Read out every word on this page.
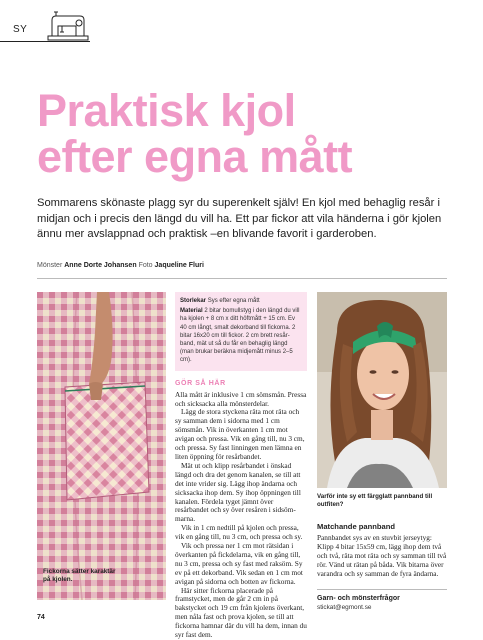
SY
Praktisk kjol
efter egna mått

Sommarens skönaste plagg syr du superenkelt själv! En kjol med behaglig resår i midjan och i precis den längd du vill ha. Ett par fickor att vila händerna i gör kjolen ännu mer avslappnad och praktisk –en blivande favorit i garderoben.

Mönster Anne Dorte Johansen Foto Jaqueline Fluri
Fickorna sätter karaktär på kjolen.
Storlekar Sys efter egna mått
Material 2 bitar bomullstyg i den längd du vill ha kjolen + 8 cm x ditt höftmått + 15 cm. Ev 40 cm långt, smalt dekorband till fickorna. 2 bitar 16x20 cm till fickor. 2 cm brett resårband, mät ut så du får en behaglig längd (man brukar beräkna midjemått minus 2–5 cm).
GÖR SÅ HÄR

Alla mått är inklusive 1 cm sömsmån. Pressa och sicksacka alla mönsterdelar.

Lägg de stora styckena räta mot räta och sy samman dem i sidorna med 1 cm sömsmån. Vik in överkanten 1 cm mot avigan och pressa. Vik en gång till, nu 3 cm, och pressa. Sy fast linningen men lämna en liten öppning för resårbandet.

Mät ut och klipp resårbandet i önskad längd och dra det genom kanalen, se till att det inte vrider sig. Lägg ihop ändarna och sicksacka ihop dem. Sy ihop öppningen till kanalen. Fördela tyget jämnt över resårbandet och sy över resåren i sidsömmarna.

Vik in 1 cm nedtill på kjolen och pressa, vik en gång till, nu 3 cm, och pressa och sy.

Vik och pressa ner 1 cm mot rätsidan i överkanten på fickdelarna, vik en gång till, nu 3 cm, pressa och sy fast med raksöm. Sy ev på ett dekorband. Vik sedan en 1 cm mot avigan på sidorna och botten av fickorna.

Här sitter fickorna placerade på framstycket, men de går 2 cm in på bakstycket och 19 cm från kjolens överkant, men nåla fast och prova kjolen, se till att fickorna hamnar där du vill ha dem, innan du syr fast dem.

Varför inte sy ett färgglatt pannband till outfiten?
Matchande pannband
Pannbandet sys av en stuvbit jerseytyg: Klipp 4 bitar 15x59 cm, lägg ihop dem två och två, räta mot räta och sy samman till två rör. Vänd ut rätan på båda. Vik bitarna över varandra och sy samman de fyra ändarna.
Garn- och mönsterfrågor
stickat@egmont.se
74
